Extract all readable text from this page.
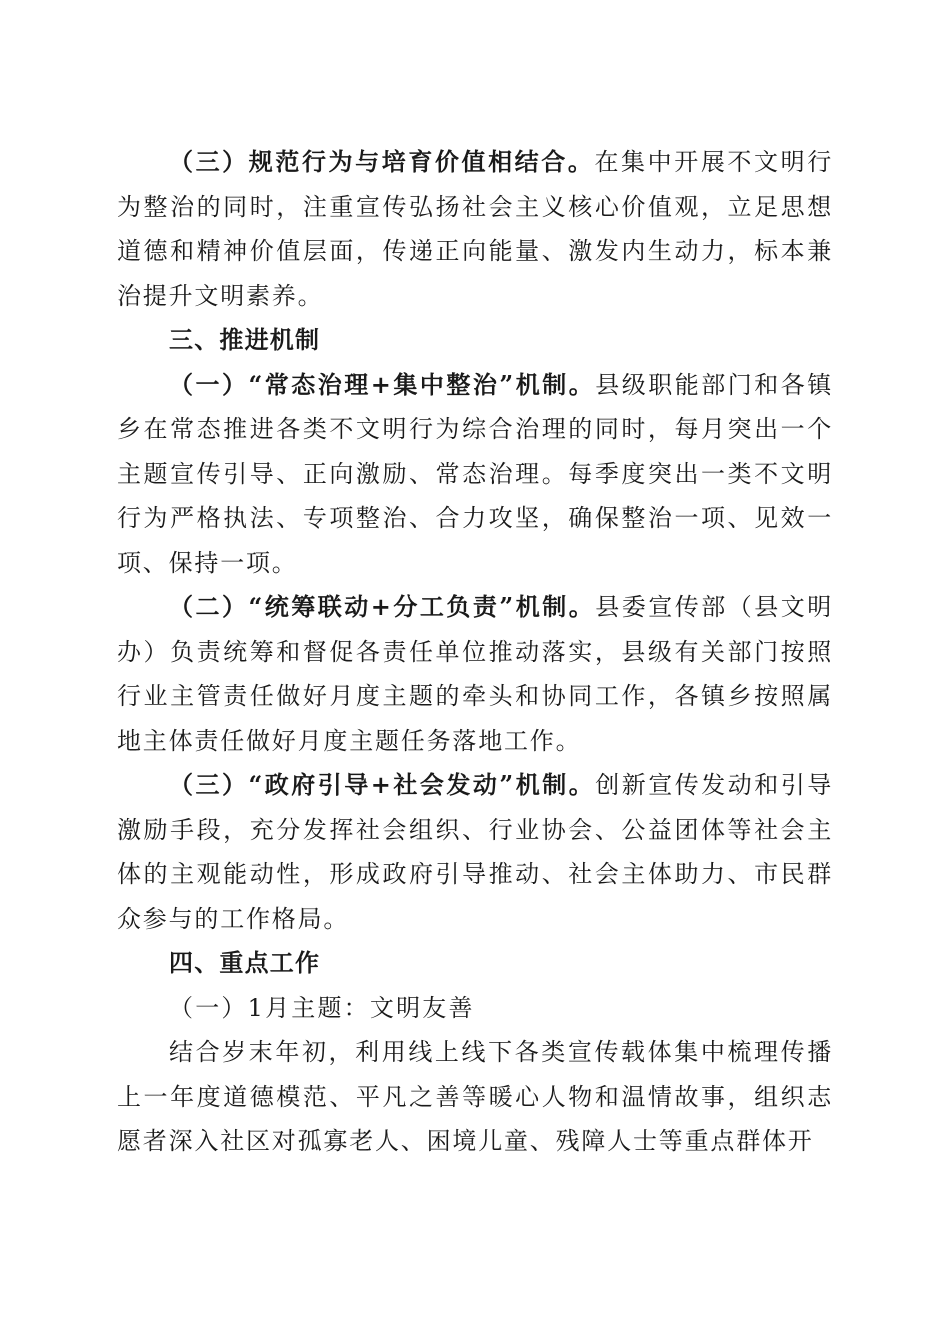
（三）规范行为与培育价值相结合。在集中开展不文明行为整治的同时，注重宣传弘扬社会主义核心价值观，立足思想道德和精神价值层面，传递正向能量、激发内生动力，标本兼治提升文明素养。

三、推进机制

（一）“常态治理+集中整治”机制。县级职能部门和各镇乡在常态推进各类不文明行为综合治理的同时，每月突出一个主题宣传引导、正向激励、常态治理。每季度突出一类不文明行为严格执法、专项整治、合力攻坚，确保整治一项、见效一项、保持一项。

（二）“统筹联动+分工负责”机制。县委宣传部（县文明办）负责统筹和督促各责任单位推动落实，县级有关部门按照行业主管责任做好月度主题的牵头和协同工作，各镇乡按照属地主体责任做好月度主题任务落地工作。

（三）“政府引导+社会发动”机制。创新宣传发动和引导激励手段，充分发挥社会组织、行业协会、公益团体等社会主体的主观能动性，形成政府引导推动、社会主体助力、市民群众参与的工作格局。

四、重点工作

（一）1月主题：文明友善

结合岁末年初，利用线上线下各类宣传载体集中梳理传播上一年度道德模范、平凡之善等暖心人物和温情故事，组织志愿者深入社区对孤寡老人、困境儿童、残障人士等重点群体开
